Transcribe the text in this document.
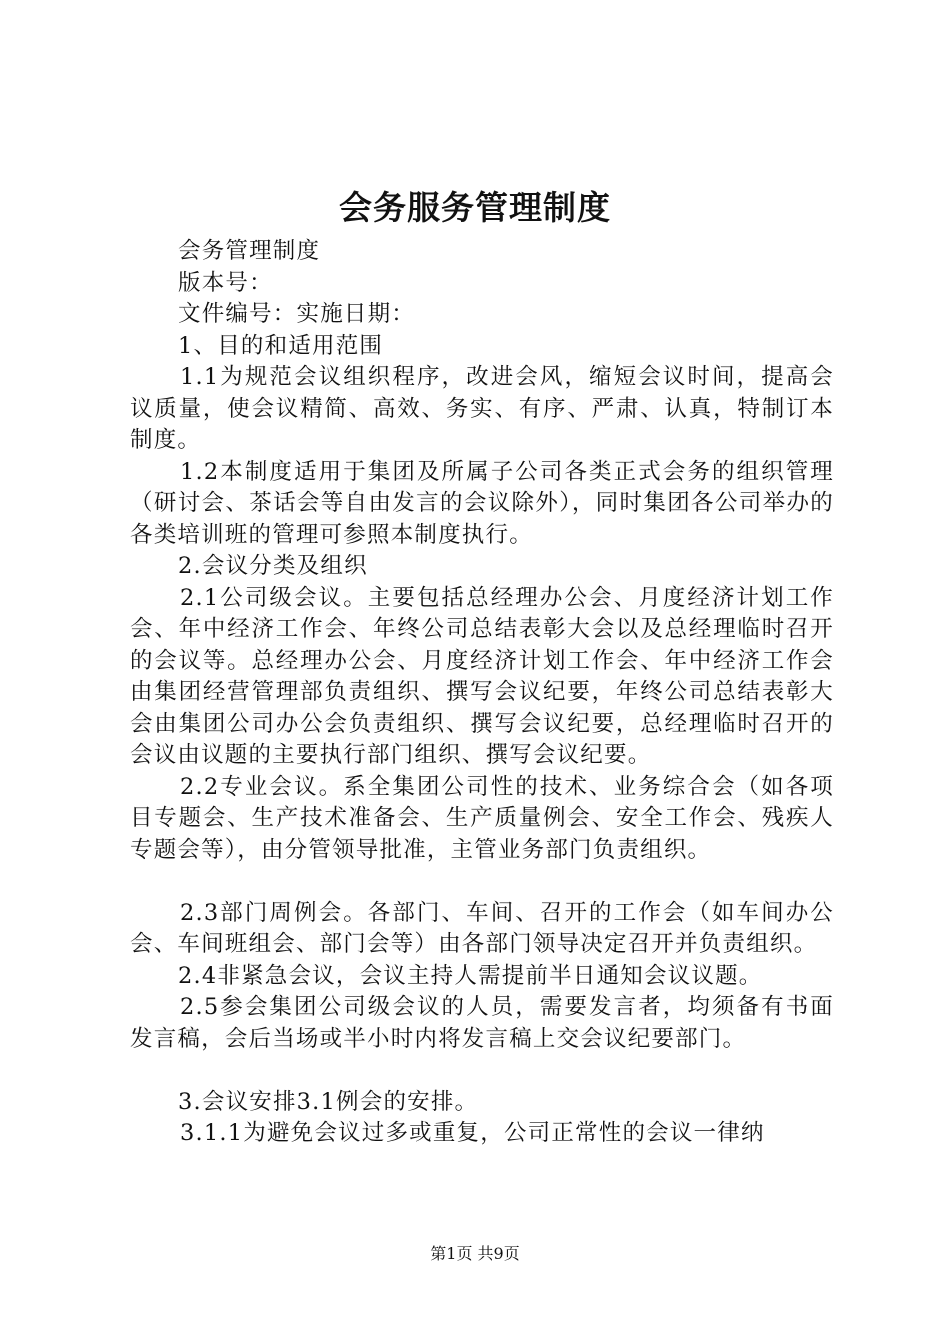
会务服务管理制度

会务管理制度

版本号：

文件编号：实施日期：

1、目的和适用范围

1.1为规范会议组织程序，改进会风，缩短会议时间，提高会议质量，使会议精简、高效、务实、有序、严肃、认真，特制订本制度。

1.2本制度适用于集团及所属子公司各类正式会务的组织管理（研讨会、茶话会等自由发言的会议除外），同时集团各公司举办的各类培训班的管理可参照本制度执行。

2.会议分类及组织

2.1公司级会议。主要包括总经理办公会、月度经济计划工作会、年中经济工作会、年终公司总结表彰大会以及总经理临时召开的会议等。总经理办公会、月度经济计划工作会、年中经济工作会由集团经营管理部负责组织、撰写会议纪要，年终公司总结表彰大会由集团公司办公会负责组织、撰写会议纪要，总经理临时召开的会议由议题的主要执行部门组织、撰写会议纪要。

2.2专业会议。系全集团公司性的技术、业务综合会（如各项目专题会、生产技术准备会、生产质量例会、安全工作会、残疾人专题会等），由分管领导批准，主管业务部门负责组织。

2.3部门周例会。各部门、车间、召开的工作会（如车间办公会、车间班组会、部门会等）由各部门领导决定召开并负责组织。

2.4非紧急会议，会议主持人需提前半日通知会议议题。

2.5参会集团公司级会议的人员，需要发言者，均须备有书面发言稿，会后当场或半小时内将发言稿上交会议纪要部门。

3.会议安排3.1例会的安排。

3.1.1为避免会议过多或重复，公司正常性的会议一律纳

第1页 共9页
